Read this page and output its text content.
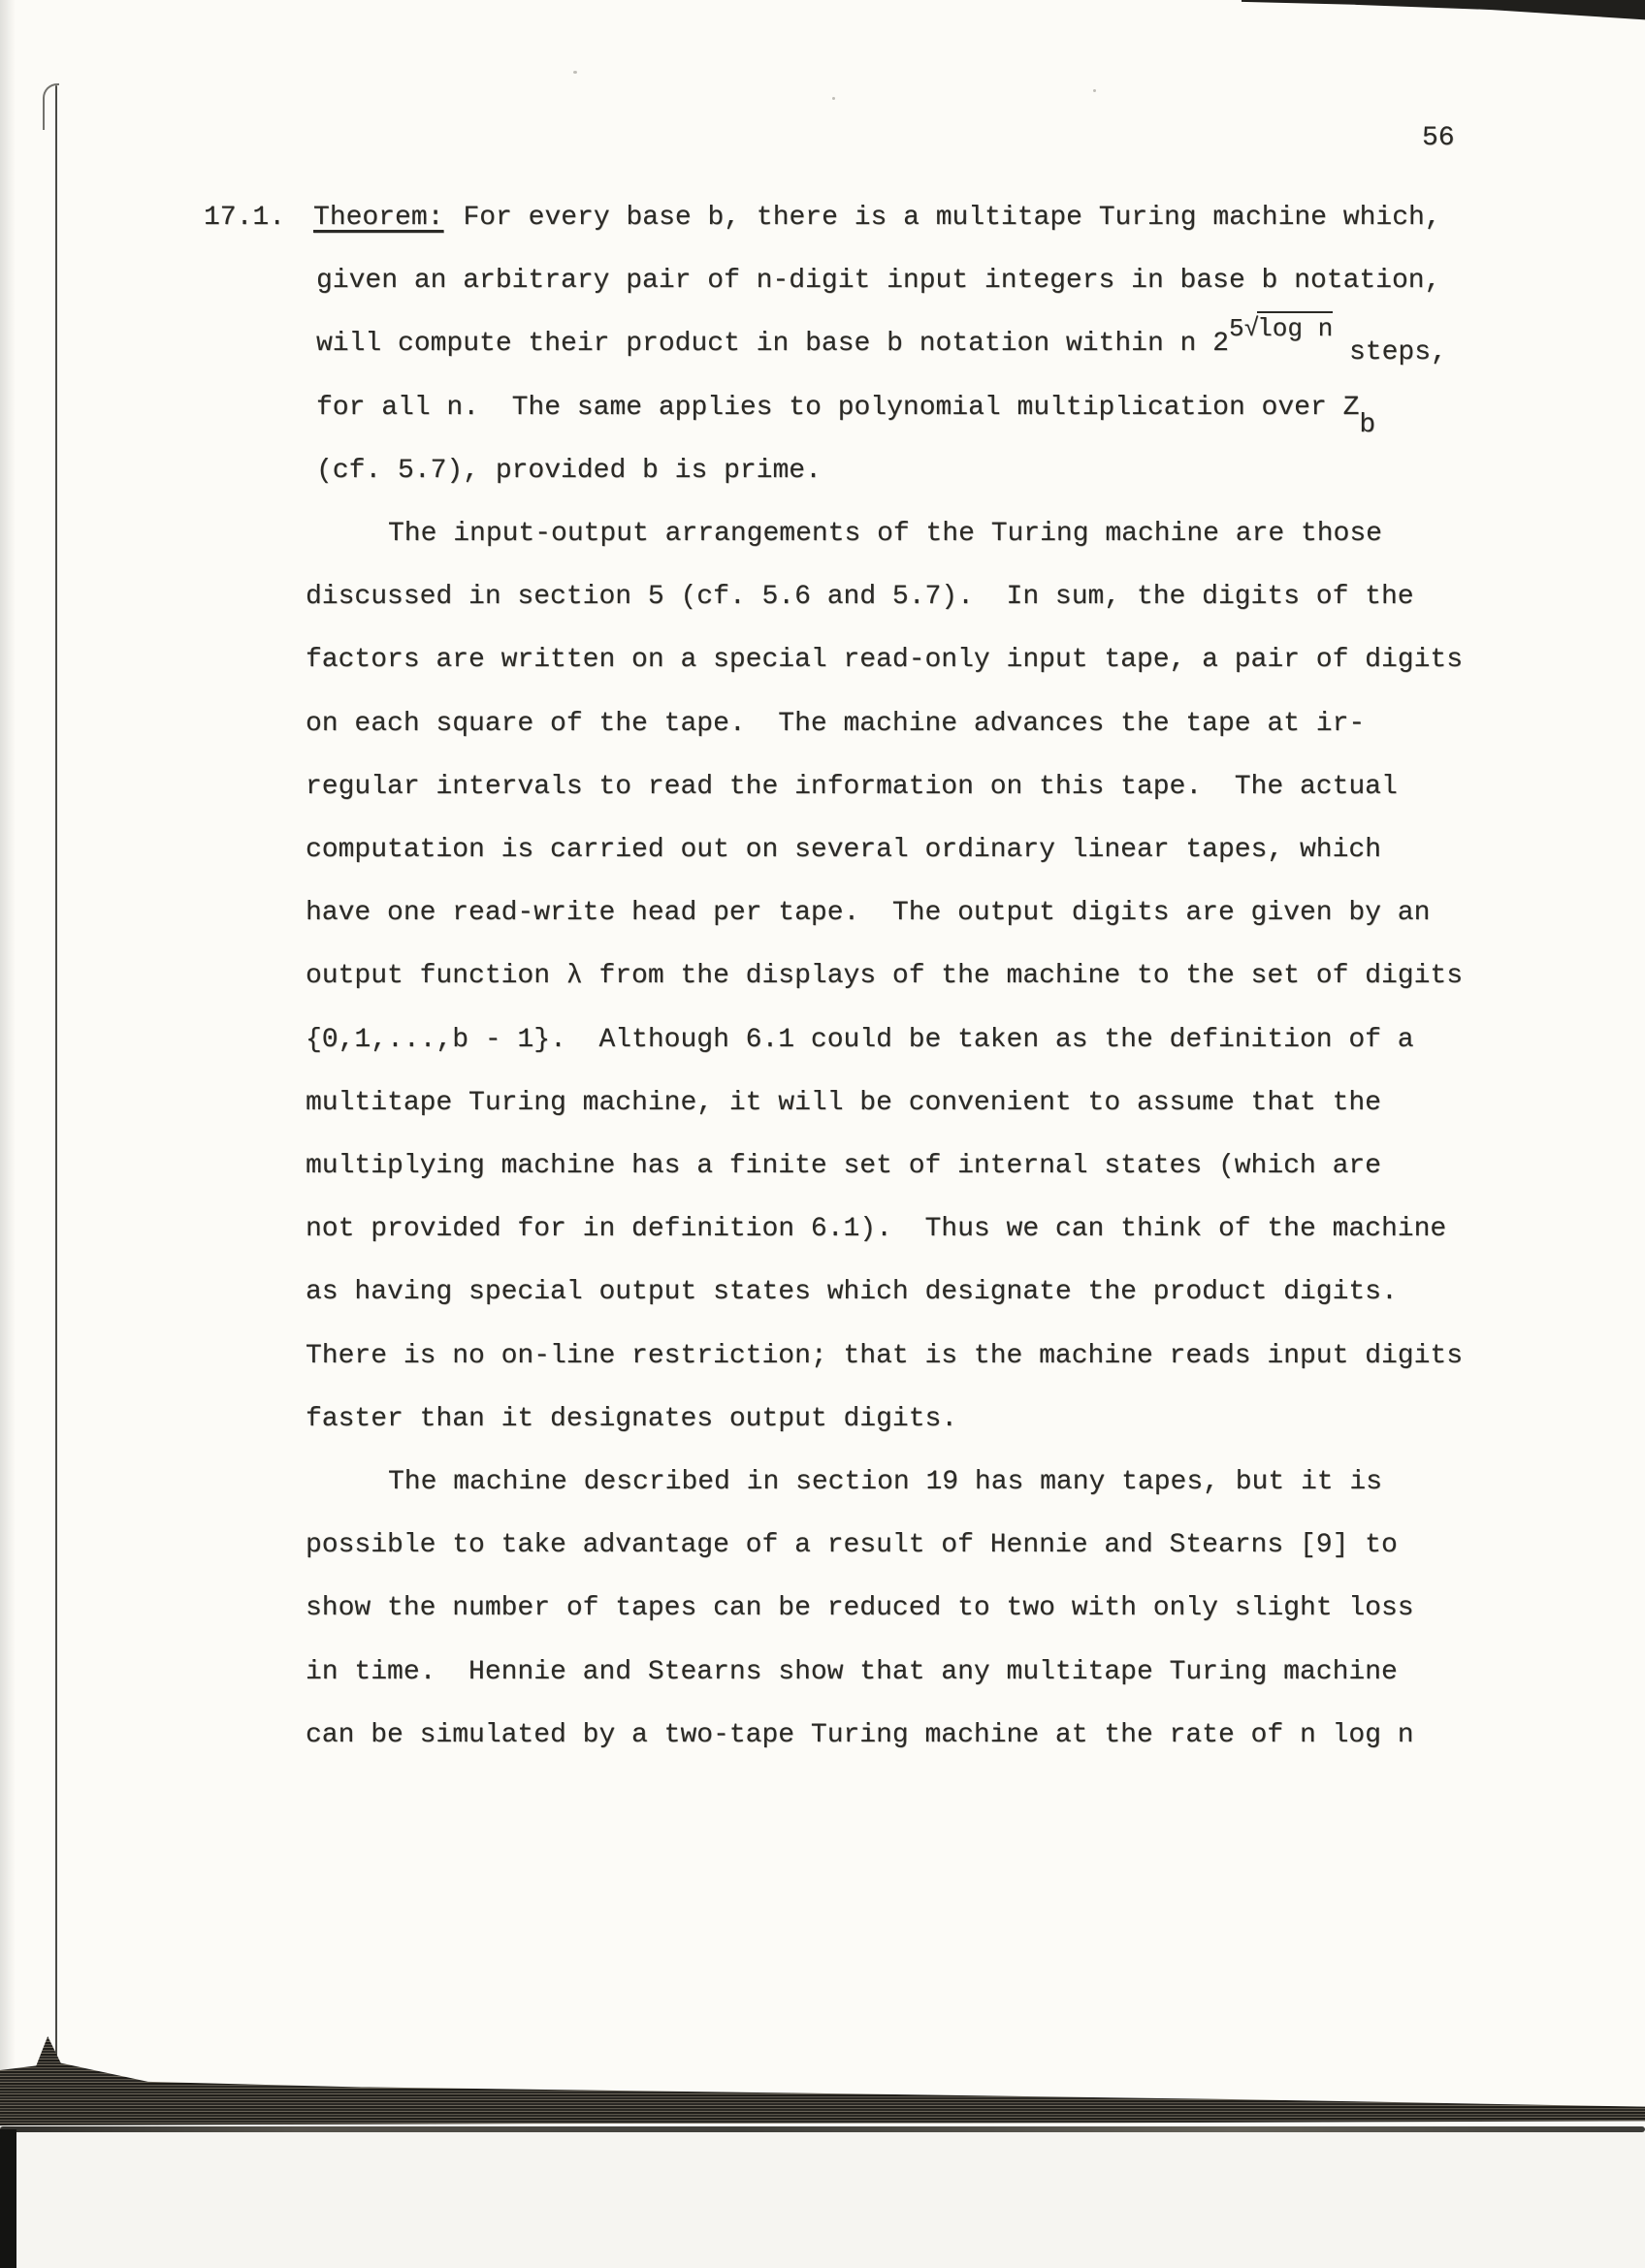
56
17.1. Theorem: For every base b, there is a multitape Turing machine which,
given an arbitrary pair of n-digit input integers in base b notation,
will compute their product in base b notation within n 25√log n steps,
for all n.  The same applies to polynomial multiplication over Zb
(cf. 5.7), provided b is prime.
The input-output arrangements of the Turing machine are those
discussed in section 5 (cf. 5.6 and 5.7).  In sum, the digits of the
factors are written on a special read-only input tape, a pair of digits
on each square of the tape.  The machine advances the tape at ir-
regular intervals to read the information on this tape.  The actual
computation is carried out on several ordinary linear tapes, which
have one read-write head per tape.  The output digits are given by an
output function λ from the displays of the machine to the set of digits
{0,1,...,b - 1}.  Although 6.1 could be taken as the definition of a
multitape Turing machine, it will be convenient to assume that the
multiplying machine has a finite set of internal states (which are
not provided for in definition 6.1).  Thus we can think of the machine
as having special output states which designate the product digits.
There is no on-line restriction; that is the machine reads input digits
faster than it designates output digits.
The machine described in section 19 has many tapes, but it is
possible to take advantage of a result of Hennie and Stearns [9] to
show the number of tapes can be reduced to two with only slight loss
in time.  Hennie and Stearns show that any multitape Turing machine
can be simulated by a two-tape Turing machine at the rate of n log n
